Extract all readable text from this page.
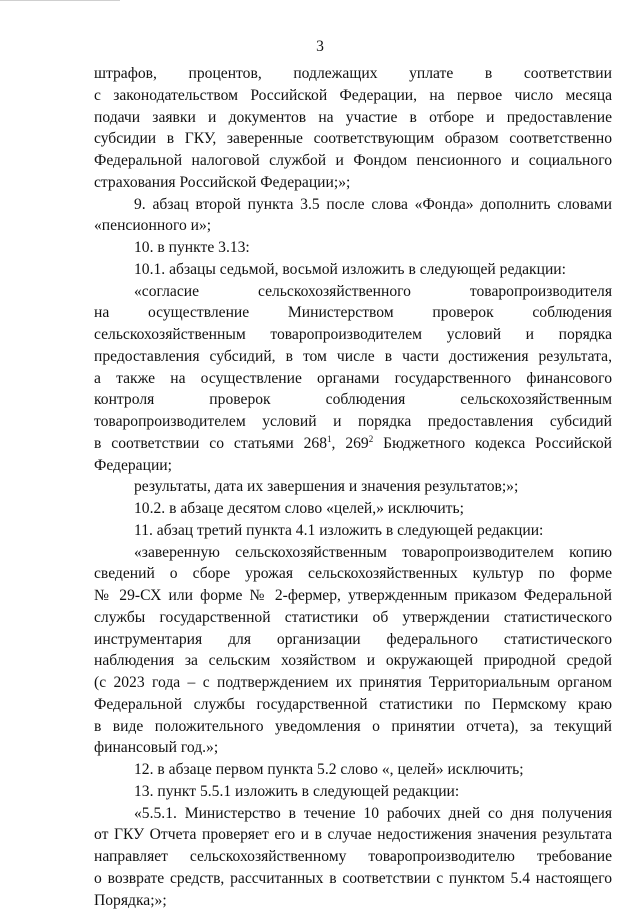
3
штрафов, процентов, подлежащих уплате в соответствии
с законодательством Российской Федерации, на первое число месяца
подачи заявки и документов на участие в отборе и предоставление
субсидии в ГКУ, заверенные соответствующим образом соответственно
Федеральной налоговой службой и Фондом пенсионного и социального
страхования Российской Федерации;»;
9. абзац второй пункта 3.5 после слова «Фонда» дополнить словами
«пенсионного и»;
10. в пункте 3.13:
10.1. абзацы седьмой, восьмой изложить в следующей редакции:
«согласие сельскохозяйственного товаропроизводителя
на осуществление Министерством проверок соблюдения
сельскохозяйственным товаропроизводителем условий и порядка
предоставления субсидий, в том числе в части достижения результата,
а также на осуществление органами государственного финансового
контроля проверок соблюдения сельскохозяйственным
товаропроизводителем условий и порядка предоставления субсидий
в соответствии со статьями $268^1$, $269^2$ Бюджетного кодекса Российской
Федерации;
результаты, дата их завершения и значения результатов;»;
10.2. в абзаце десятом слово «целей,» исключить;
11. абзац третий пункта 4.1 изложить в следующей редакции:
«заверенную сельскохозяйственным товаропроизводителем копию
сведений о сборе урожая сельскохозяйственных культур по форме
№ 29-СХ или форме № 2-фермер, утвержденным приказом Федеральной
службы государственной статистики об утверждении статистического
инструментария для организации федерального статистического
наблюдения за сельским хозяйством и окружающей природной средой
(с 2023 года – с подтверждением их принятия Территориальным органом
Федеральной службы государственной статистики по Пермскому краю
в виде положительного уведомления о принятии отчета), за текущий
финансовый год.»;
12. в абзаце первом пункта 5.2 слово «, целей» исключить;
13. пункт 5.5.1 изложить в следующей редакции:
«5.5.1. Министерство в течение 10 рабочих дней со дня получения
от ГКУ Отчета проверяет его и в случае недостижения значения результата
направляет сельскохозяйственному товаропроизводителю требование
о возврате средств, рассчитанных в соответствии с пунктом 5.4 настоящего
Порядка;»;
